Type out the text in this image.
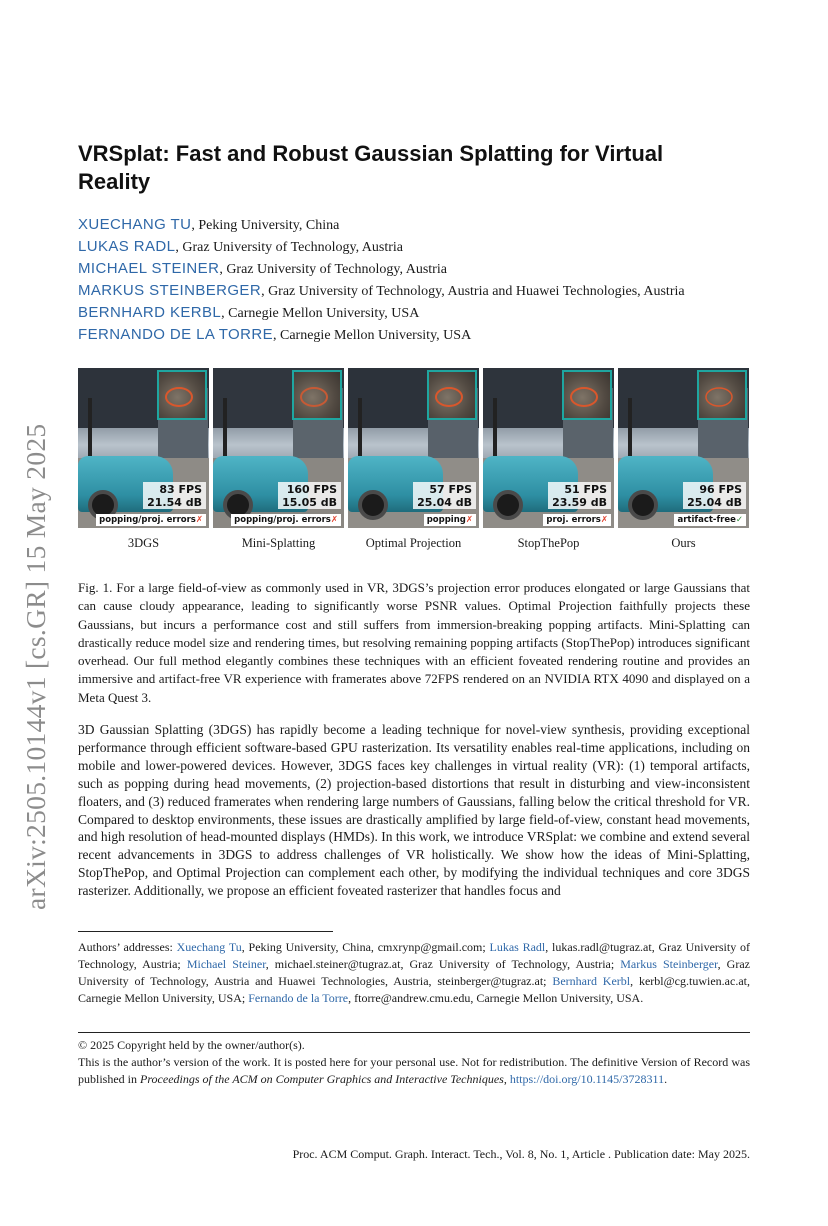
arXiv:2505.10144v1 [cs.GR] 15 May 2025
VRSplat: Fast and Robust Gaussian Splatting for Virtual Reality
XUECHANG TU, Peking University, China
LUKAS RADL, Graz University of Technology, Austria
MICHAEL STEINER, Graz University of Technology, Austria
MARKUS STEINBERGER, Graz University of Technology, Austria and Huawei Technologies, Austria
BERNHARD KERBL, Carnegie Mellon University, USA
FERNANDO DE LA TORRE, Carnegie Mellon University, USA
83 FPS
21.54 dB
popping/proj. errors✗
160 FPS
15.05 dB
popping/proj. errors✗
57 FPS
25.04 dB
popping✗
51 FPS
23.59 dB
proj. errors✗
96 FPS
25.04 dB
artifact-free✓
3DGS	Mini-Splatting	Optimal Projection	StopThePop	Ours
Fig. 1. For a large field-of-view as commonly used in VR, 3DGS’s projection error produces elongated or large Gaussians that can cause cloudy appearance, leading to significantly worse PSNR values. Optimal Projection faithfully projects these Gaussians, but incurs a performance cost and still suffers from immersion-breaking popping artifacts. Mini-Splatting can drastically reduce model size and rendering times, but resolving remaining popping artifacts (StopThePop) introduces significant overhead. Our full method elegantly combines these techniques with an efficient foveated rendering routine and provides an immersive and artifact-free VR experience with framerates above 72FPS rendered on an NVIDIA RTX 4090 and displayed on a Meta Quest 3.
3D Gaussian Splatting (3DGS) has rapidly become a leading technique for novel-view synthesis, providing exceptional performance through efficient software-based GPU rasterization. Its versatility enables real-time applications, including on mobile and lower-powered devices. However, 3DGS faces key challenges in virtual reality (VR): (1) temporal artifacts, such as popping during head movements, (2) projection-based distortions that result in disturbing and view-inconsistent floaters, and (3) reduced framerates when rendering large numbers of Gaussians, falling below the critical threshold for VR. Compared to desktop environments, these issues are drastically amplified by large field-of-view, constant head movements, and high resolution of head-mounted displays (HMDs). In this work, we introduce VRSplat: we combine and extend several recent advancements in 3DGS to address challenges of VR holistically. We show how the ideas of Mini-Splatting, StopThePop, and Optimal Projection can complement each other, by modifying the individual techniques and core 3DGS rasterizer. Additionally, we propose an efficient foveated rasterizer that handles focus and
Authors’ addresses: Xuechang Tu, Peking University, China, cmxrynp@gmail.com; Lukas Radl, lukas.radl@tugraz.at, Graz University of Technology, Austria; Michael Steiner, michael.steiner@tugraz.at, Graz University of Technology, Austria; Markus Steinberger, Graz University of Technology, Austria and Huawei Technologies, Austria, steinberger@tugraz.at; Bernhard Kerbl, kerbl@cg.tuwien.ac.at, Carnegie Mellon University, USA; Fernando de la Torre, ftorre@andrew.cmu.edu, Carnegie Mellon University, USA.
© 2025 Copyright held by the owner/author(s).
This is the author’s version of the work. It is posted here for your personal use. Not for redistribution. The definitive Version of Record was published in Proceedings of the ACM on Computer Graphics and Interactive Techniques, https://doi.org/10.1145/3728311.
Proc. ACM Comput. Graph. Interact. Tech., Vol. 8, No. 1, Article . Publication date: May 2025.
